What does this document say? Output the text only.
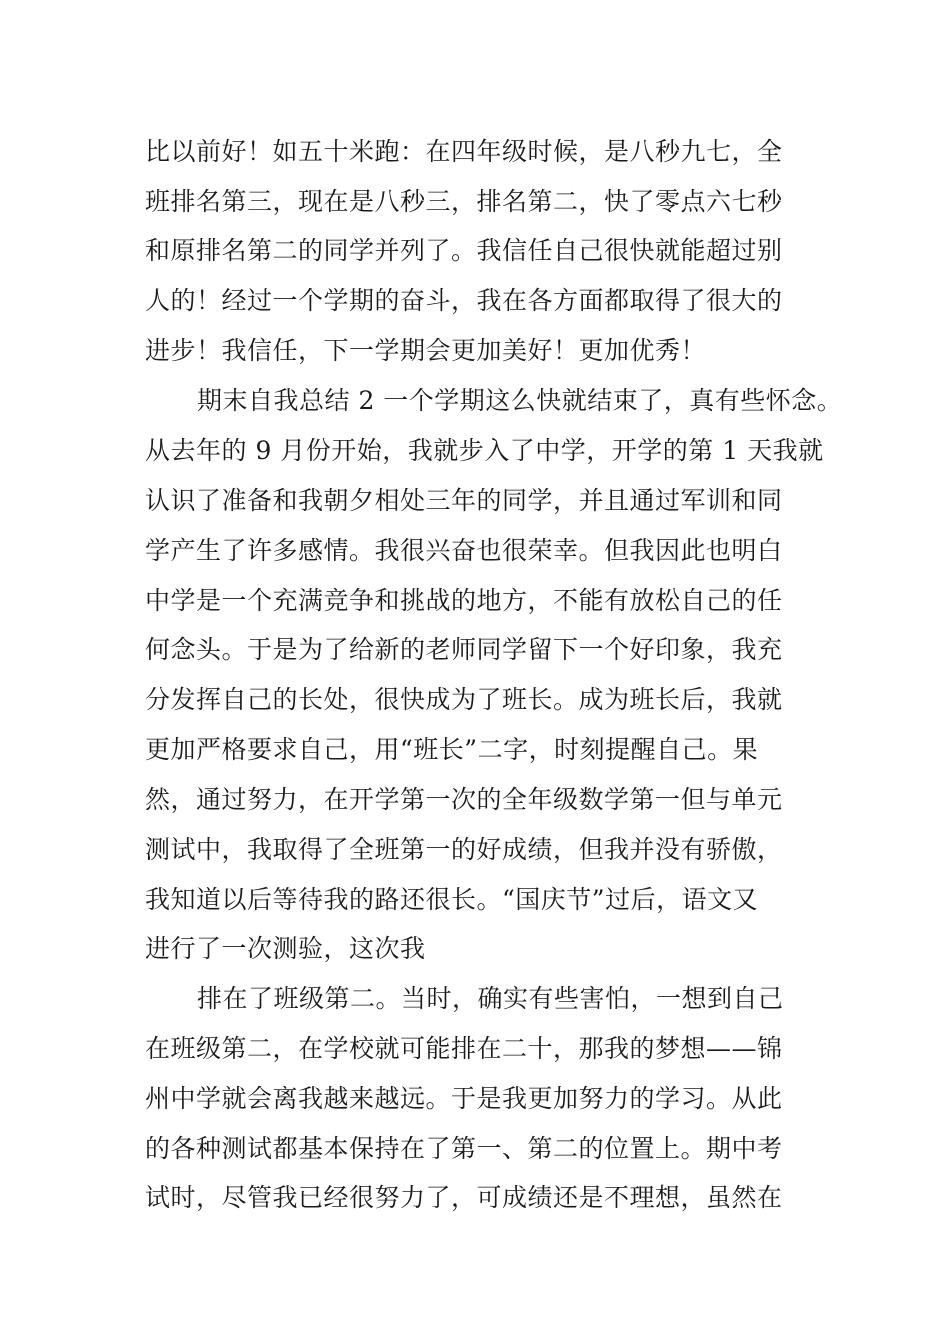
比以前好！如五十米跑：在四年级时候，是八秒九七，全
班排名第三，现在是八秒三，排名第二，快了零点六七秒
和原排名第二的同学并列了。我信任自己很快就能超过别
人的！经过一个学期的奋斗，我在各方面都取得了很大的
进步！我信任，下一学期会更加美好！更加优秀！
期末自我总结 2 一个学期这么快就结束了，真有些怀念。
从去年的 9 月份开始，我就步入了中学，开学的第 1 天我就
认识了准备和我朝夕相处三年的同学，并且通过军训和同
学产生了许多感情。我很兴奋也很荣幸。但我因此也明白
中学是一个充满竞争和挑战的地方，不能有放松自己的任
何念头。于是为了给新的老师同学留下一个好印象，我充
分发挥自己的长处，很快成为了班长。成为班长后，我就
更加严格要求自己，用“班长”二字，时刻提醒自己。果
然，通过努力，在开学第一次的全年级数学第一但与单元
测试中，我取得了全班第一的好成绩，但我并没有骄傲，
我知道以后等待我的路还很长。“国庆节”过后，语文又
进行了一次测验，这次我
排在了班级第二。当时，确实有些害怕，一想到自己
在班级第二，在学校就可能排在二十，那我的梦想——锦
州中学就会离我越来越远。于是我更加努力的学习。从此
的各种测试都基本保持在了第一、第二的位置上。期中考
试时，尽管我已经很努力了，可成绩还是不理想，虽然在
